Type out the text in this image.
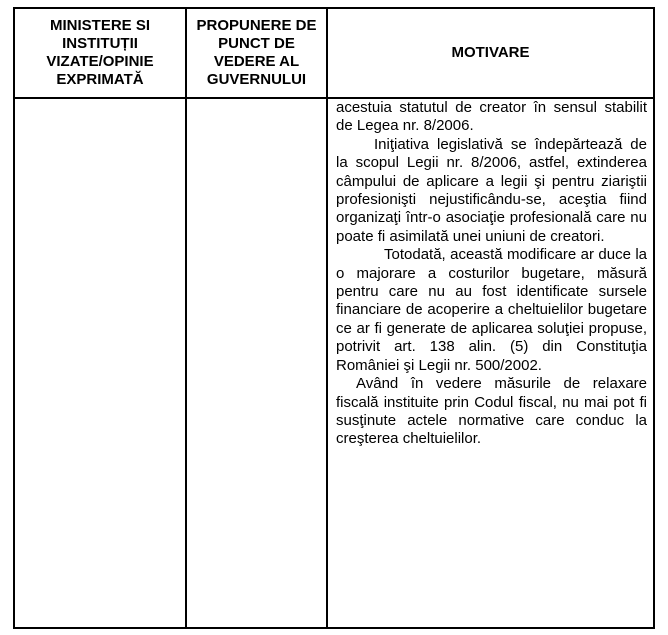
MINISTERE SI INSTITUȚII VIZATE/OPINIE EXPRIMATĂ	PROPUNERE DE PUNCT DE VEDERE AL GUVERNULUI	MOTIVARE

		acestuia statutul de creator în sensul stabilit de Legea nr. 8/2006.

Iniţiativa legislativă se îndepărtează de la scopul Legii nr. 8/2006, astfel, extinderea câmpului de aplicare a legii şi pentru ziariştii profesionişti nejustificându-se, aceştia fiind organizaţi într-o asociaţie profesională care nu poate fi asimilată unei uniuni de creatori.

Totodată, această modificare ar duce la o majorare a costurilor bugetare, măsură pentru care nu au fost identificate sursele financiare de acoperire a cheltuielilor bugetare ce ar fi generate de aplicarea soluţiei propuse, potrivit art. 138 alin. (5) din Constituţia României şi Legii nr. 500/2002.

Având în vedere măsurile de relaxare fiscală instituite prin Codul fiscal, nu mai pot fi susţinute actele normative care conduc la creşterea cheltuielilor.
